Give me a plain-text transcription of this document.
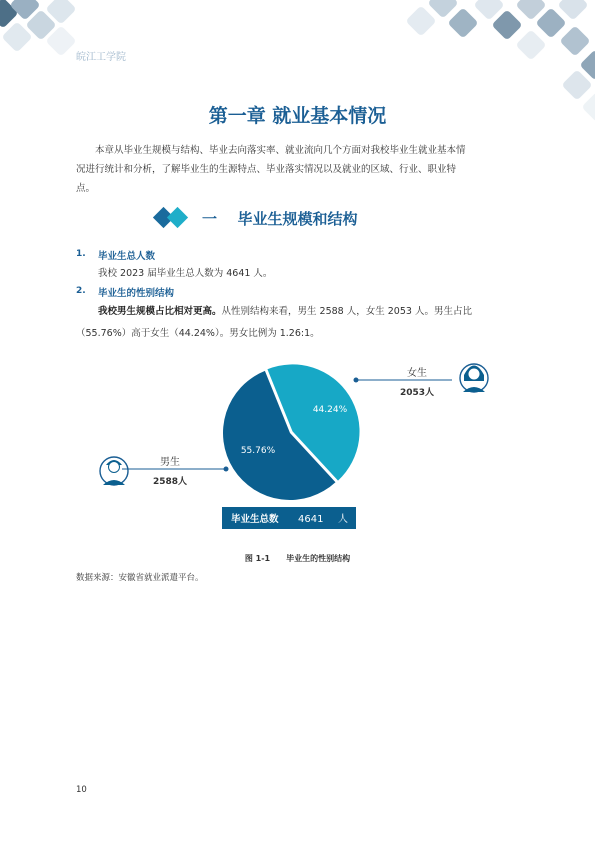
皖江工学院
第一章 就业基本情况
本章从毕业生规模与结构、毕业去向落实率、就业流向几个方面对我校毕业生就业基本情
况进行统计和分析，了解毕业生的生源特点、毕业落实情况以及就业的区域、行业、职业特
点。
一 毕业生规模和结构
1. 毕业生总人数
我校 2023 届毕业生总人数为 4641 人。
2. 毕业生的性别结构
我校男生规模占比相对更高。从性别结构来看，男生 2588 人，女生 2053 人。男生占比
（55.76%）高于女生（44.24%）。男女比例为 1.26:1。
55.76%
44.24%
女生
2053人
男生
2588人
毕业生总数 4641 人
图 1-1　　毕业生的性别结构
数据来源：安徽省就业派遣平台。
10
